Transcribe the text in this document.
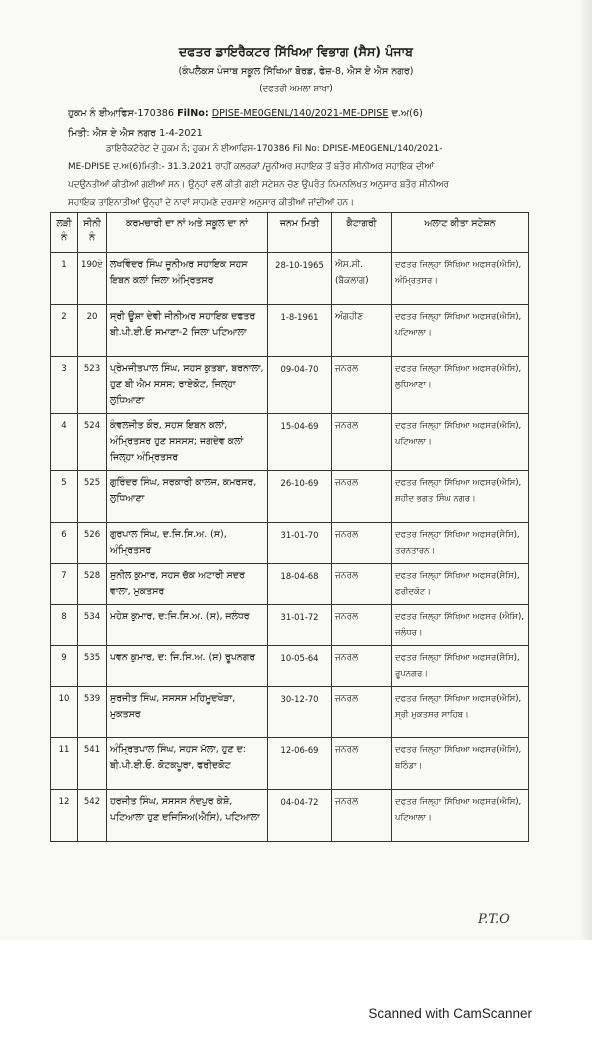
ਦਫਤਰ ਡਾਇਰੈਕਟਰ ਸਿੱਖਿਆ ਵਿਭਾਗ (ਸੈਸ) ਪੰਜਾਬ
(ਕੰਪਲੈਕਸ ਪੰਜਾਬ ਸਕੂਲ ਸਿੱਖਿਆ ਬੋਰਡ, ਫੇਜ਼-8, ਐਸ ਏ ਐਸ ਨਗਰ)
(ਦਫਤਰੀ ਅਮਲਾ ਸ਼ਾਖਾ)
ਹੁਕਮ ਨੰ ਈਆਫਿਸ-170386 FilNo: DPISE-ME0GENL/140/2021-ME-DPISE ਦ.ਅ(6)
ਮਿਤੀ: ਐਸ ਏ ਐਸ ਨਗਰ 1-4-2021
ਡਾਇਰੈਕਟੋਰੇਟ ਦੇ ਹੁਕਮ ਨੰ; ਹੁਕਮ ਨੰ ਈਆਫਿਸ-170386 Fil No: DPISE-ME0GENL/140/2021-
ME-DPISE ਦ.ਅ(6)ਮਿਤੀ:- 31.3.2021 ਰਾਹੀਂ ਕਲਰਕਾਂ /ਜੂਨੀਅਰ ਸਹਾਇਕ ਤੋਂ ਬਤੌਰ ਸੀਨੀਅਰ ਸਹਾਇਕ ਦੀਆਂ
ਪਦਉਨਤੀਆਂ ਕੀਤੀਆਂ ਗਈਆਂ ਸਨ। ਉਨ੍ਹਾਂ ਵਲੋਂ ਕੀਤੀ ਗਈ ਸਟੇਸ਼ਨ ਚੋਣ ਉਪਰੰਤ ਨਿਮਨਲਿਖਤ ਅਨੁਸਾਰ ਬਤੌਰ ਸੀਨੀਅਰ
ਸਹਾਇਕ ਤਾਇਨਾਤੀਆਂ ਉਨ੍ਹਾਂ ਦੇ ਨਾਵਾਂ ਸਾਹਮਣੇ ਦਰਸਾਏ ਅਨੁਸਾਰ ਕੀਤੀਆਂ ਜਾਂਦੀਆਂ ਹਨ।
ਲੜੀ ਨੰ	ਸੀਨੀ ਨੰ	ਕਰਮਚਾਰੀ ਦਾ ਨਾਂ ਅਤੇ ਸਕੂਲ ਦਾ ਨਾਂ	ਜਨਮ ਮਿਤੀ	ਕੈਟਾਗਰੀ	ਅਲਾਟ ਕੀਤਾ ਸਟੇਸ਼ਨ
1	190ਏ	ਲਖਵਿੰਦਰ ਸਿੰਘ ਜੂਨੀਅਰ ਸਹਾਇਕ ਸਹਸ ਇਬਨ ਕਲਾਂ ਜਿਲਾ ਅੰਮ੍ਰਿਤਸਰ	28-10-1965	ਐਸ.ਸੀ. (ਬੈਕਲਾਗ)	ਦਫਤਰ ਜਿਲ੍ਹਾ ਸਿੱਖਿਆ ਅਫਸਰ(ਐਸਿ), ਅੰਮ੍ਰਿਤਸਰ।
2	20	ਸ੍ਰੀ ਊਸ਼ਾ ਦੇਵੀ ਜੀਨੀਅਰ ਸਹਾਇਕ ਦਫਤਰ ਬੀ.ਪੀ.ਈ.ਓ ਸਮਾਣਾ-2 ਜਿਲਾ ਪਟਿਆਲਾ	1-8-1961	ਅੰਗਹੀਣ	ਦਫਤਰ ਜਿਲ੍ਹਾ ਸਿੱਖਿਆ ਅਫਸਰ(ਐਸਿ), ਪਟਿਆਲਾ।
3	523	ਪ੍ਰੇਮਜੀਤਪਾਲ ਸਿੰਘ, ਸਹਸ ਕੁਤਬਾ, ਬਰਨਾਲਾ, ਹੁਣ ਬੀ ਐਮ ਸਸਸ; ਰਾਏਕੋਟ, ਜਿਲ੍ਹਾ ਲੁਧਿਆਣਾ	09-04-70	ਜਨਰਲ	ਦਫਤਰ ਜਿਲ੍ਹਾ ਸਿੱਖਿਆ ਅਫਸਰ(ਐਸਿ), ਲੁਧਿਆਣਾ।
4	524	ਕੰਵਲਜੀਤ ਕੌਰ, ਸਹਸ ਇਬਨ ਕਲਾਂ, ਅੰਮ੍ਰਿਤਸਰ ਹੁਣ ਸਸਸਸ; ਜਗਦੇਵ ਕਲਾਂ ਜਿਲ੍ਹਾ ਅੰਮ੍ਰਿਤਸਰ	15-04-69	ਜਨਰਲ	ਦਫਤਰ ਜਿਲ੍ਹਾ ਸਿੱਖਿਆ ਅਫਸਰ(ਐਸਿ), ਪਟਿਆਲਾ।
5	525	ਗੁਰਿੰਦਰ ਸਿੰਘ, ਸਰਕਾਰੀ ਕਾਲਜ, ਕਮਰਸਰ, ਲੁਧਿਆਣਾ	26-10-69	ਜਨਰਲ	ਦਫਤਰ ਜਿਲ੍ਹਾ ਸਿੱਖਿਆ ਅਫਸਰ(ਐਸਿ), ਸ਼ਹੀਦ ਭਗਤ ਸਿੰਘ ਨਗਰ।
6	526	ਗੁਰਪਾਲ ਸਿੰਘ, ਦ.ਜਿ.ਸਿ.ਅ. (ਸ), ਅੰਮ੍ਰਿਤਸਰ	31-01-70	ਜਨਰਲ	ਦਫਤਰ ਜਿਲ੍ਹਾ ਸਿੱਖਿਆ ਅਫਸਰ(ਸੈਸਿ), ਤਰਨਤਾਰਨ।
7	528	ਸੁਨੀਲ ਕੁਮਾਰ, ਸਹਸ ਚੱਕ ਅਟਾਰੀ ਸਦਰ ਵਾਲਾ, ਮੁਕਤਸਰ	18-04-68	ਜਨਰਲ	ਦਫਤਰ ਜਿਲ੍ਹਾ ਸਿੱਖਿਆ ਅਫਸਰ(ਸੈਸਿ), ਫਰੀਦਕੋਟ।
8	534	ਮਹੇਸ਼ ਕੁਮਾਰ, ਦ:ਜਿ.ਸਿ.ਅ. (ਸ), ਜਲੰਧਰ	31-01-72	ਜਨਰਲ	ਦਫਤਰ ਜਿਲ੍ਹਾ ਸਿੱਖਿਆ ਅਫਸਰ (ਐਸਿ), ਜਲੰਧਰ।
9	535	ਪਵਨ ਕੁਮਾਰ, ਦ: ਜਿ.ਸਿ.ਅ. (ਸ) ਰੂਪਨਗਰ	10-05-64	ਜਨਰਲ	ਦਫਤਰ ਜਿਲ੍ਹਾ ਸਿੱਖਿਆ ਅਫਸਰ(ਸੈਸਿ), ਰੂਪਨਗਰ।
10	539	ਸੁਰਜੀਤ ਸਿੰਘ, ਸਸਸਸ ਮਹਿਮੂਦਖੇੜਾ, ਮੁਕਤਸਰ	30-12-70	ਜਨਰਲ	ਦਫਤਰ ਜਿਲ੍ਹਾ ਸਿੱਖਿਆ ਅਫਸਰ(ਐਸਿ), ਸ੍ਰੀ ਮੁਕਤਸਰ ਸਾਹਿਬ।
11	541	ਅੰਮ੍ਰਿਤਪਾਲ ਸਿੰਘ, ਸਹਸ ਮੱਲਾ, ਹੁਣ ਦ: ਬੀ.ਪੀ.ਈ.ਓ. ਕੋਟਕਪੂਰਾ, ਫਰੀਦਕੋਟ	12-06-69	ਜਨਰਲ	ਦਫਤਰ ਜਿਲ੍ਹਾ ਸਿੱਖਿਆ ਅਫਸਰ(ਐਸਿ), ਬਠਿੰਡਾ।
12	542	ਹਰਜੀਤ ਸਿੰਘ, ਸਸਸਸ ਨੰਦਪੁਰ ਕੇਸ਼ੋ, ਪਟਿਆਲਾ ਹੁਣ ਦਜਿਸਿਅ(ਐਸਿ), ਪਟਿਆਲਾ	04-04-72	ਜਨਰਲ	ਦਫਤਰ ਜਿਲ੍ਹਾ ਸਿੱਖਿਆ ਅਫਸਰ(ਐਸਿ), ਪਟਿਆਲਾ।
P.T.O
Scanned with CamScanner
